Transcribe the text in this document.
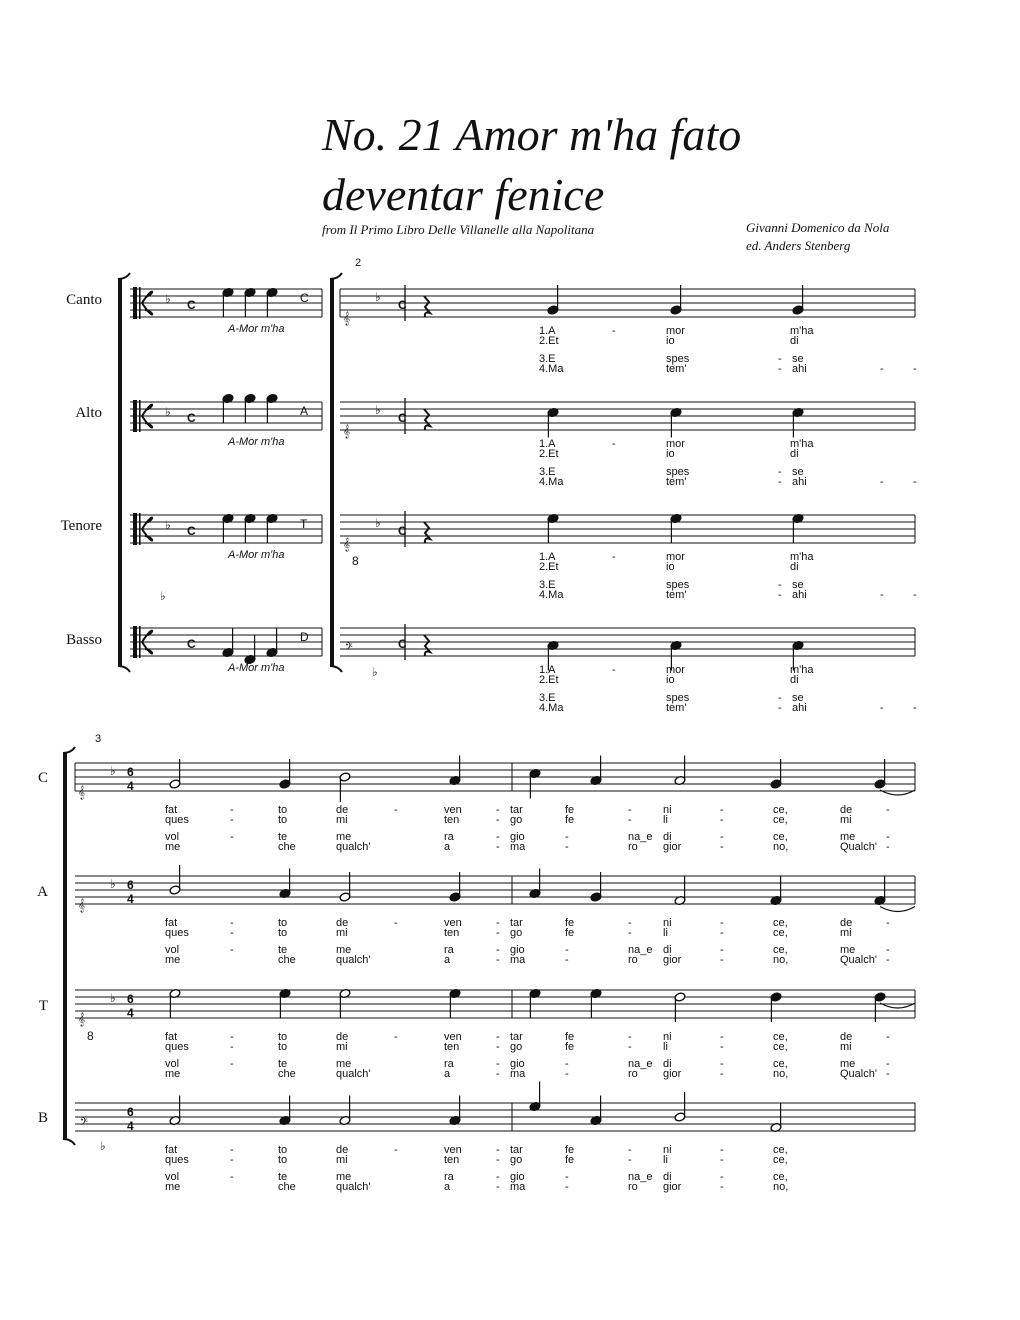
No. 21 Amor m'ha fato
deventar fenice
from Il Primo Libro Delle Villanelle alla Napolitana	Givanni Domenico da Nola
ed. Anders Stenberg
Canto
Alto
Tenore
Basso
C
A
T
B
♭ C	C
A-Mor m'ha
♭ C	A
A-Mor m'ha
♭ C	T
A-Mor m'ha
C	D
A-Mor m'ha
♭
𝄞
♭
C
1.A	-	mor	m'ha
2.Et	io	di
3.E	spes	- se
4.Ma	tem'	- ahi	-	-
𝄞
♭
C
1.A	-	mor	m'ha
2.Et	io	di
3.E	spes	- se
4.Ma	tem'	- ahi	-	-
𝄞
8
♭
C
1.A	-	mor	m'ha
2.Et	io	di
3.E	spes	- se
4.Ma	tem'	- ahi	-	-
𝄢	C
1.A	-	mor	m'ha
2.Et	io	di
3.E	spes	- se
4.Ma	tem'	- ahi	-	-
♭
2
𝄞
♭ 6
4
fat	-	to	de	-	ven	- tar	fe	-	ni	-	ce,	de	-
ques	-	to	mi	ten	- go	fe	-	li	-	ce,	mi
vol	-	te	me	ra	- gio	-	na_e di	-	ce,	me	-
me	che	qualch'	a	- ma	-	ro gior	-	no,	Qualch' -
𝄞
♭ 6
4
fat	-	to	de	-	ven	- tar	fe	-	ni	-	ce,	de	-
ques	-	to	mi	ten	- go	fe	-	li	-	ce,	mi
vol	-	te	me	ra	- gio	-	na_e di	-	ce,	me	-
me	che	qualch'	a	- ma	-	ro gior	-	no,	Qualch' -
𝄞
8
♭ 6
4
fat	-	to	de	-	ven	- tar	fe	-	ni	-	ce,	de	-
ques	-	to	mi	ten	- go	fe	-	li	-	ce,	mi
vol	-	te	me	ra	- gio	-	na_e di	-	ce,	me	-
me	che	qualch'	a	- ma	-	ro gior	-	no,	Qualch' -
𝄢
6
4
fat	-	to	de	-	ven	- tar	fe	-	ni	-	ce,
ques	-	to	mi	ten	- go	fe	-	li	-	ce,
vol	-	te	me	ra	- gio	-	na_e di	-	ce,
me	che	qualch'	a	- ma	-	ro gior	-	no,
♭
3
